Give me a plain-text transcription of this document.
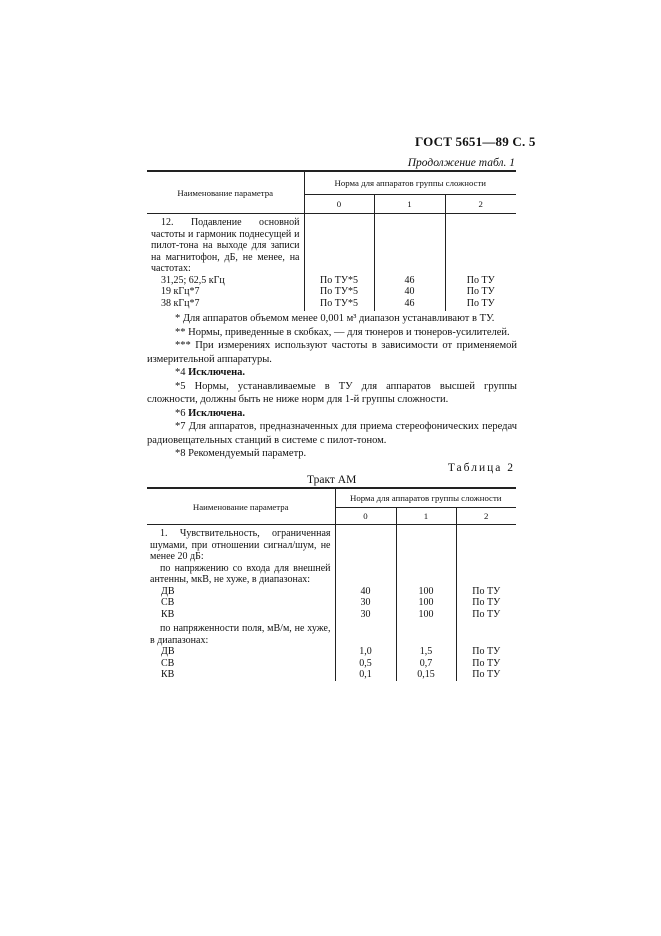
ГОСТ 5651—89 С. 5
Продолжение табл. 1
Наименование параметра	Норма для аппаратов группы сложности		
	0	1	2
12. Подавление основной частоты и гармоник поднесущей и пилот-тона на выходе для записи на магнитофон, дБ, не менее, на частотах:			
31,25; 62,5 кГц	По ТУ*5	46	По ТУ
19 кГц*7	По ТУ*5	40	По ТУ
38 кГц*7	По ТУ*5	46	По ТУ

* Для аппаратов объемом менее 0,001 м³ диапазон устанавливают в ТУ.

** Нормы, приведенные в скобках, — для тюнеров и тюнеров-усилителей.

*** При измерениях используют частоты в зависимости от применяемой измерительной аппаратуры.

*4 Исключена.

*5 Нормы, устанавливаемые в ТУ для аппаратов высшей группы сложности, должны быть не ниже норм для 1-й группы сложности.

*6 Исключена.

*7 Для аппаратов, предназначенных для приема стереофонических передач радиовещательных станций в системе с пилот-тоном.

*8 Рекомендуемый параметр.

Таблица 2
Тракт АМ
Наименование параметра	Норма для аппаратов группы сложности		
	0	1	2
1. Чувствительность, ограниченная шумами, при отношении сигнал/шум, не менее 20 дБ:			
по напряжению со входа для внешней антенны, мкВ, не хуже, в диапазонах:			
ДВ	40	100	По ТУ
СВ	30	100	По ТУ
КВ	30	100	По ТУ
по напряженности поля, мВ/м, не хуже, в диапазонах:			
ДВ	1,0	1,5	По ТУ
СВ	0,5	0,7	По ТУ
КВ	0,1	0,15	По ТУ
